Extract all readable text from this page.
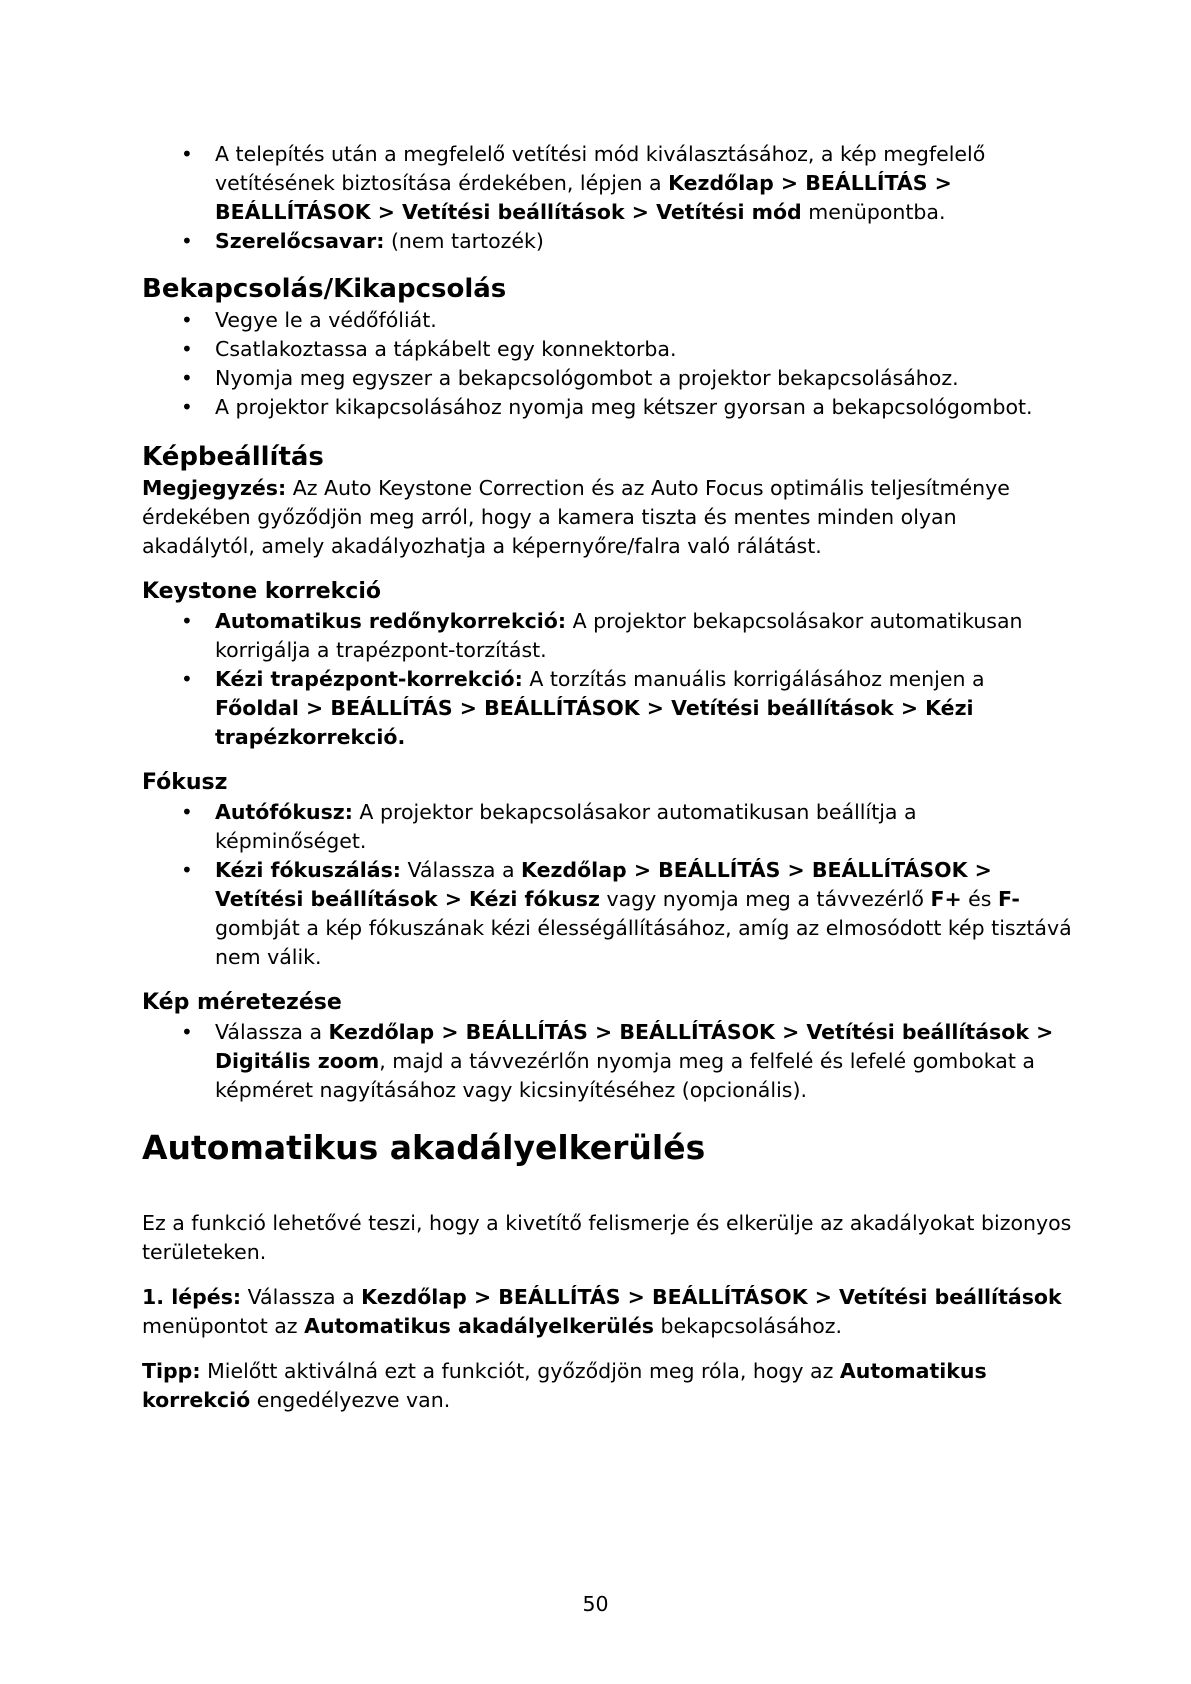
• A telepítés után a megfelelő vetítési mód kiválasztásához, a kép megfelelő vetítésének biztosítása érdekében, lépjen a Kezdőlap > BEÁLLÍTÁS > BEÁLLÍTÁSOK > Vetítési beállítások > Vetítési mód menüpontba.
• Szerelőcsavar: (nem tartozék)
Bekapcsolás/Kikapcsolás
• Vegye le a védőfóliát.
• Csatlakoztassa a tápkábelt egy konnektorba.
• Nyomja meg egyszer a bekapcsológombot a projektor bekapcsolásához.
• A projektor kikapcsolásához nyomja meg kétszer gyorsan a bekapcsológombot.
Képbeállítás

Megjegyzés: Az Auto Keystone Correction és az Auto Focus optimális teljesítménye érdekében győződjön meg arról, hogy a kamera tiszta és mentes minden olyan akadálytól, amely akadályozhatja a képernyőre/falra való rálátást.

Keystone korrekció
• Automatikus redőnykorrekció: A projektor bekapcsolásakor automatikusan korrigálja a trapézpont-torzítást.
• Kézi trapézpont-korrekció: A torzítás manuális korrigálásához menjen a Főoldal > BEÁLLÍTÁS > BEÁLLÍTÁSOK > Vetítési beállítások > Kézi trapézkorrekció.
Fókusz
• Autófókusz: A projektor bekapcsolásakor automatikusan beállítja a képminőséget.
• Kézi fókuszálás: Válassza a Kezdőlap > BEÁLLÍTÁS > BEÁLLÍTÁSOK > Vetítési beállítások > Kézi fókusz vagy nyomja meg a távvezérlő F+ és F- gombját a kép fókuszának kézi élességállításához, amíg az elmosódott kép tisztává nem válik.
Kép méretezése
• Válassza a Kezdőlap > BEÁLLÍTÁS > BEÁLLÍTÁSOK > Vetítési beállítások > Digitális zoom, majd a távvezérlőn nyomja meg a felfelé és lefelé gombokat a képméret nagyításához vagy kicsinyítéséhez (opcionális).
Automatikus akadályelkerülés

Ez a funkció lehetővé teszi, hogy a kivetítő felismerje és elkerülje az akadályokat bizonyos területeken.

1. lépés: Válassza a Kezdőlap > BEÁLLÍTÁS > BEÁLLÍTÁSOK > Vetítési beállítások menüpontot az Automatikus akadályelkerülés bekapcsolásához.

Tipp: Mielőtt aktiválná ezt a funkciót, győződjön meg róla, hogy az Automatikus korrekció engedélyezve van.

50
